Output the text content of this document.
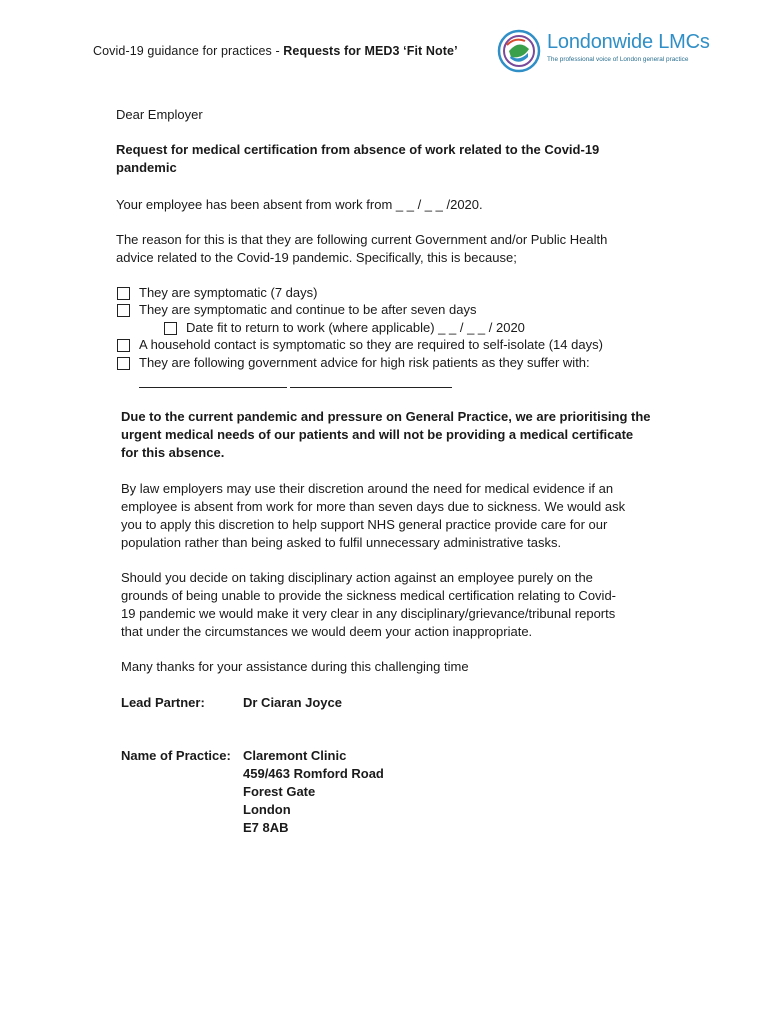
Covid-19 guidance for practices - Requests for MED3 ‘Fit Note’	Londonwide LMCs
The professional voice of London general practice
Dear Employer
Request for medical certification from absence of work related to the Covid-19
pandemic
Your employee has been absent from work from _ _ / _ _ /2020.
The reason for this is that they are following current Government and/or Public Health
advice related to the Covid-19 pandemic. Specifically, this is because;
They are symptomatic (7 days)
They are symptomatic and continue to be after seven days
Date fit to return to work (where applicable) _ _ / _ _ / 2020
A household contact is symptomatic so they are required to self-isolate (14 days)
They are following government advice for high risk patients as they suffer with:
Due to the current pandemic and pressure on General Practice, we are prioritising the
urgent medical needs of our patients and will not be providing a medical certificate
for this absence.
By law employers may use their discretion around the need for medical evidence if an
employee is absent from work for more than seven days due to sickness. We would ask
you to apply this discretion to help support NHS general practice provide care for our
population rather than being asked to fulfil unnecessary administrative tasks.
Should you decide on taking disciplinary action against an employee purely on the
grounds of being unable to provide the sickness medical certification relating to Covid-
19 pandemic we would make it very clear in any disciplinary/grievance/tribunal reports
that under the circumstances we would deem your action inappropriate.
Many thanks for your assistance during this challenging time
Lead Partner:	Dr Ciaran Joyce
Name of Practice: Claremont Clinic
459/463 Romford Road
Forest Gate
London
E7 8AB
